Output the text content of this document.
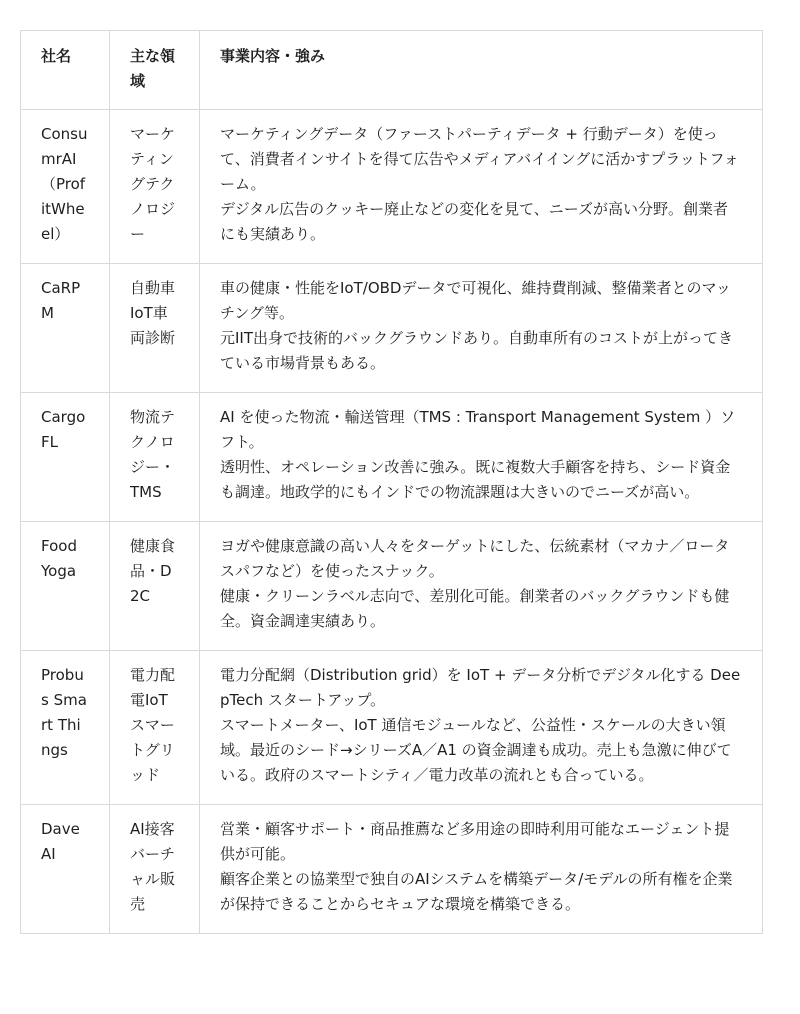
社名	主な領域	事業内容・強み
ConsumrAI（ProfitWheel）	マーケティングテクノロジー	マーケティングデータ（ファーストパーティデータ + 行動データ）を使って、消費者インサイトを得て広告やメディアバイイングに活かすプラットフォーム。
デジタル広告のクッキー廃止などの変化を見て、ニーズが高い分野。創業者にも実績あり。

CaRPM	自動車IoT車両診断	車の健康・性能をIoT/OBDデータで可視化、維持費削減、整備業者とのマッチング等。
元IIT出身で技術的バックグラウンドあり。自動車所有のコストが上がってきている市場背景もある。

CargoFL	物流テクノロジー・TMS	AI を使った物流・輸送管理（TMS : Transport Management System ）ソフト。
透明性、オペレーション改善に強み。既に複数大手顧客を持ち、シード資金も調達。地政学的にもインドでの物流課題は大きいのでニーズが高い。

Food Yoga	健康食品・D2C	ヨガや健康意識の高い人々をターゲットにした、伝統素材（マカナ／ロータスパフなど）を使ったスナック。
健康・クリーンラベル志向で、差別化可能。創業者のバックグラウンドも健全。資金調達実績あり。

Probus Smart Things	電力配電IoTスマートグリッド	電力分配網（Distribution grid）を IoT + データ分析でデジタル化する DeepTech スタートアップ。
スマートメーター、IoT 通信モジュールなど、公益性・スケールの大きい領域。最近のシード→シリーズA／A1 の資金調達も成功。売上も急激に伸びている。政府のスマートシティ／電力改革の流れとも合っている。

Dave AI	AI接客バーチャル販売	営業・顧客サポート・商品推薦など多用途の即時利用可能なエージェント提供が可能。
顧客企業との協業型で独自のAIシステムを構築データ/モデルの所有権を企業が保持できることからセキュアな環境を構築できる。
